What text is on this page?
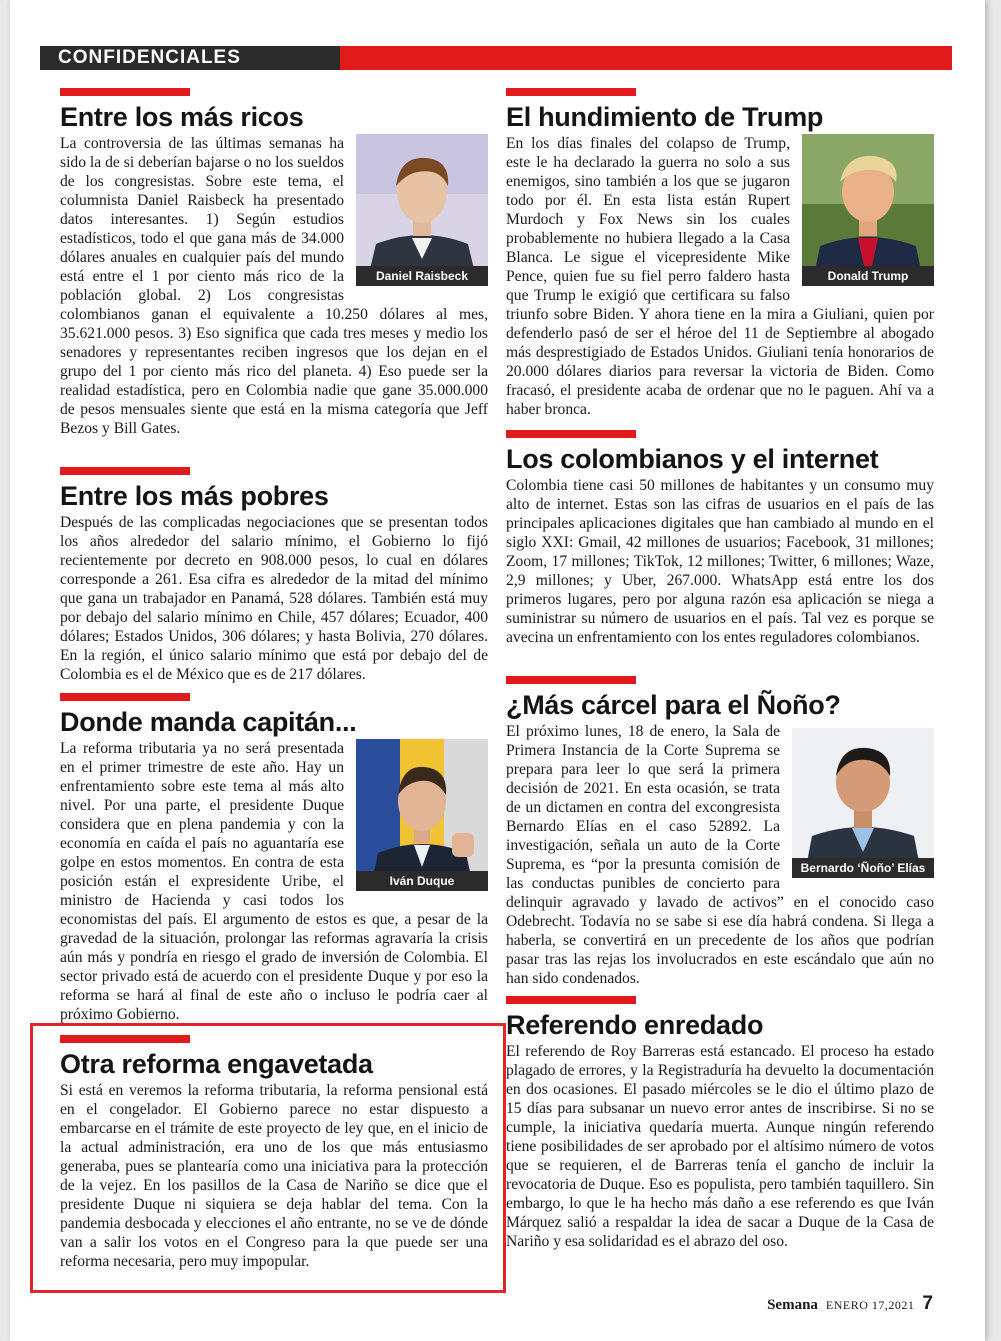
CONFIDENCIALES
Entre los más ricos
Daniel Raisbeck

La controversia de las últimas semanas ha sido la de si deberían bajarse o no los sueldos de los congresistas. Sobre este tema, el columnista Daniel Raisbeck ha presentado datos interesantes. 1) Según estudios estadísticos, todo el que gana más de 34.000 dólares anuales en cualquier país del mundo está entre el 1 por ciento más rico de la población global. 2) Los congresistas colombianos ganan el equivalente a 10.250 dólares al mes, 35.621.000 pesos. 3) Eso significa que cada tres meses y medio los senadores y representantes reciben ingresos que los dejan en el grupo del 1 por ciento más rico del planeta. 4) Eso puede ser la realidad estadística, pero en Colombia nadie que gane 35.000.000 de pesos mensuales siente que está en la misma categoría que Jeff Bezos y Bill Gates.

Entre los más pobres

Después de las complicadas negociaciones que se presentan todos los años alrededor del salario mínimo, el Gobierno lo fijó recientemente por decreto en 908.000 pesos, lo cual en dólares corresponde a 261. Esa cifra es alrededor de la mitad del mínimo que gana un trabajador en Panamá, 528 dólares. También está muy por debajo del salario mínimo en Chile, 457 dólares; Ecuador, 400 dólares; Estados Unidos, 306 dólares; y hasta Bolivia, 270 dólares. En la región, el único salario mínimo que está por debajo del de Colombia es el de México que es de 217 dólares.

Donde manda capitán...
Iván Duque

La reforma tributaria ya no será presentada en el primer trimestre de este año. Hay un enfrentamiento sobre este tema al más alto nivel. Por una parte, el presidente Duque considera que en plena pandemia y con la economía en caída el país no aguantaría ese golpe en estos momentos. En contra de esta posición están el expresidente Uribe, el ministro de Hacienda y casi todos los economistas del país. El argumento de estos es que, a pesar de la gravedad de la situación, prolongar las reformas agravaría la crisis aún más y pondría en riesgo el grado de inversión de Colombia. El sector privado está de acuerdo con el presidente Duque y por eso la reforma se hará al final de este año o incluso le podría caer al próximo Gobierno.

Otra reforma engavetada

Si está en veremos la reforma tributaria, la reforma pensional está en el congelador. El Gobierno parece no estar dispuesto a embarcarse en el trámite de este proyecto de ley que, en el inicio de la actual administración, era uno de los que más entusiasmo generaba, pues se plantearía como una iniciativa para la protección de la vejez. En los pasillos de la Casa de Nariño se dice que el presidente Duque ni siquiera se deja hablar del tema. Con la pandemia desbocada y elecciones el año entrante, no se ve de dónde van a salir los votos en el Congreso para la que puede ser una reforma necesaria, pero muy impopular.

El hundimiento de Trump
Donald Trump

En los días finales del colapso de Trump, este le ha declarado la guerra no solo a sus enemigos, sino también a los que se jugaron todo por él. En esta lista están Rupert Murdoch y Fox News sin los cuales probablemente no hubiera llegado a la Casa Blanca. Le sigue el vicepresidente Mike Pence, quien fue su fiel perro faldero hasta que Trump le exigió que certificara su falso triunfo sobre Biden. Y ahora tiene en la mira a Giuliani, quien por defenderlo pasó de ser el héroe del 11 de Septiembre al abogado más desprestigiado de Estados Unidos. Giuliani tenía honorarios de 20.000 dólares diarios para reversar la victoria de Biden. Como fracasó, el presidente acaba de ordenar que no le paguen. Ahí va a haber bronca.

Los colombianos y el internet

Colombia tiene casi 50 millones de habitantes y un consumo muy alto de internet. Estas son las cifras de usuarios en el país de las principales aplicaciones digitales que han cambiado al mundo en el siglo XXI: Gmail, 42 millones de usuarios; Facebook, 31 millones; Zoom, 17 millones; TikTok, 12 millones; Twitter, 6 millones; Waze, 2,9 millones; y Uber, 267.000. WhatsApp está entre los dos primeros lugares, pero por alguna razón esa aplicación se niega a suministrar su número de usuarios en el país. Tal vez es porque se avecina un enfrentamiento con los entes reguladores colombianos.

¿Más cárcel para el Ñoño?
Bernardo ‘Ñoño’ Elías

El próximo lunes, 18 de enero, la Sala de Primera Instancia de la Corte Suprema se prepara para leer lo que será la primera decisión de 2021. En esta ocasión, se trata de un dictamen en contra del excongresista Bernardo Elías en el caso 52892. La investigación, señala un auto de la Corte Suprema, es “por la presunta comisión de las conductas punibles de concierto para delinquir agravado y lavado de activos” en el conocido caso Odebrecht. Todavía no se sabe si ese día habrá condena. Si llega a haberla, se convertirá en un precedente de los años que podrían pasar tras las rejas los involucrados en este escándalo que aún no han sido condenados.

Referendo enredado

El referendo de Roy Barreras está estancado. El proceso ha estado plagado de errores, y la Registraduría ha devuelto la documentación en dos ocasiones. El pasado miércoles se le dio el último plazo de 15 días para subsanar un nuevo error antes de inscribirse. Si no se cumple, la iniciativa quedaría muerta. Aunque ningún referendo tiene posibilidades de ser aprobado por el altísimo número de votos que se requieren, el de Barreras tenía el gancho de incluir la revocatoria de Duque. Eso es populista, pero también taquillero. Sin embargo, lo que le ha hecho más daño a ese referendo es que Iván Márquez salió a respaldar la idea de sacar a Duque de la Casa de Nariño y esa solidaridad es el abrazo del oso.

Semana ENERO 17,2021 7
